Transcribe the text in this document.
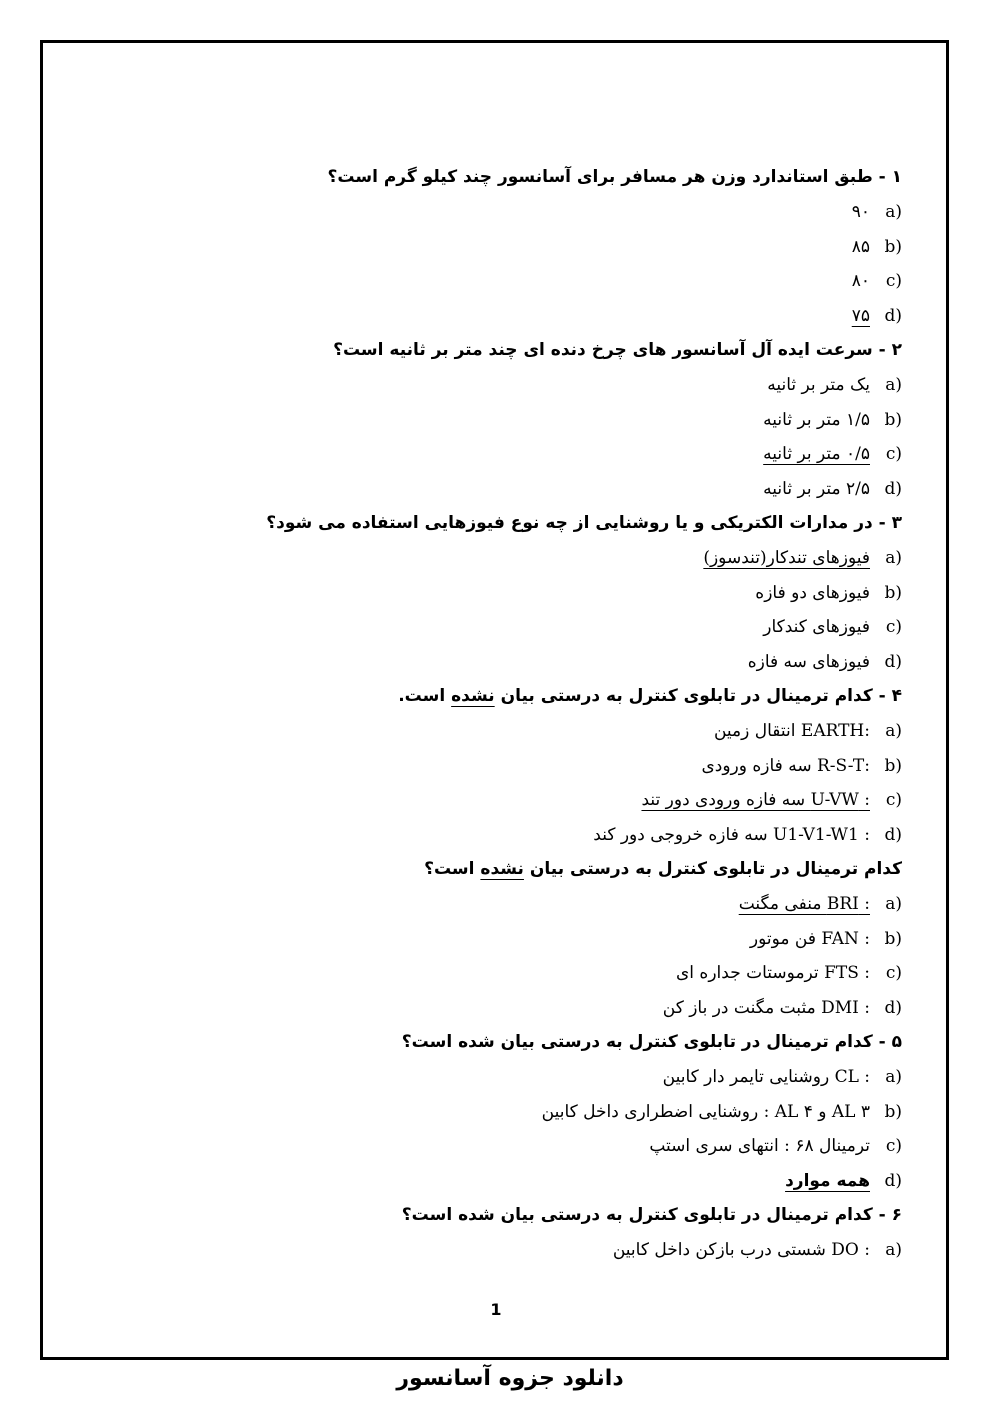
۱ - طبق استاندارد وزن هر مسافر برای آسانسور چند کیلو گرم است؟
a)۹۰
b)۸۵
c)۸۰
d)۷۵
۲ - سرعت ایده آل آسانسور های چرخ دنده ای چند متر بر ثانیه است؟
a)یک متر بر ثانیه
b)۱/۵ متر بر ثانیه
c)۰/۵ متر بر ثانیه
d)۲/۵ متر بر ثانیه
۳ - در مدارات الکتریکی و یا روشنایی از چه نوع فیوزهایی استفاده می شود؟
a)فیوزهای تندکار(تندسوز)
b)فیوزهای دو فازه
c)فیوزهای کندکار
d)فیوزهای سه فازه
۴ - کدام ترمینال در تابلوی کنترل به درستی بیان نشده است.
a):EARTH انتقال زمین
b):R-S-T سه فازه ورودی
c): U-VW سه فازه ورودی دور تند
d): U1-V1-W1 سه فازه خروجی دور کند
کدام ترمینال در تابلوی کنترل به درستی بیان نشده است؟
a): BRI منفی مگنت
b): FAN فن موتور
c): FTS ترموستات جداره ای
d): DMI مثبت مگنت در باز کن
۵ - کدام ترمینال در تابلوی کنترل به درستی بیان شده است؟
a): CL روشنایی تایمر دار کابین
b)AL ۳ و AL ۴ : روشنایی اضطراری داخل کابین
c)ترمینال ۶۸ : انتهای سری استپ
d)همه موارد
۶ - کدام ترمینال در تابلوی کنترل به درستی بیان شده است؟
a): DO شستی درب بازکن داخل کابین
1
دانلود جزوه آسانسور
